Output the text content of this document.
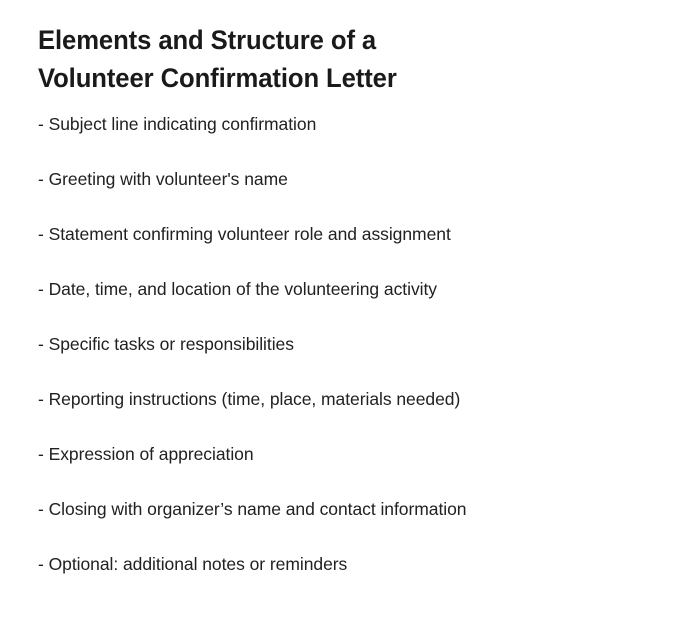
Elements and Structure of a Volunteer Confirmation Letter
- Subject line indicating confirmation
- Greeting with volunteer's name
- Statement confirming volunteer role and assignment
- Date, time, and location of the volunteering activity
- Specific tasks or responsibilities
- Reporting instructions (time, place, materials needed)
- Expression of appreciation
- Closing with organizer’s name and contact information
- Optional: additional notes or reminders
